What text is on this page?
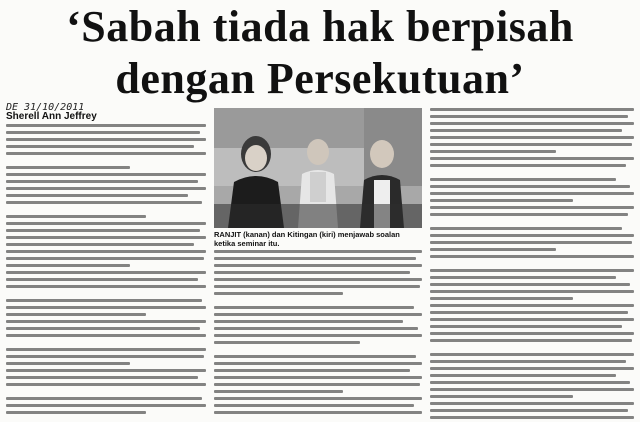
‘Sabah tiada hak berpisah
dengan Persekutuan’
DE 31/10/2011
Sherell Ann Jeffrey
RANJIT (kanan) dan Kitingan (kiri) menjawab soalan ketika seminar itu.
